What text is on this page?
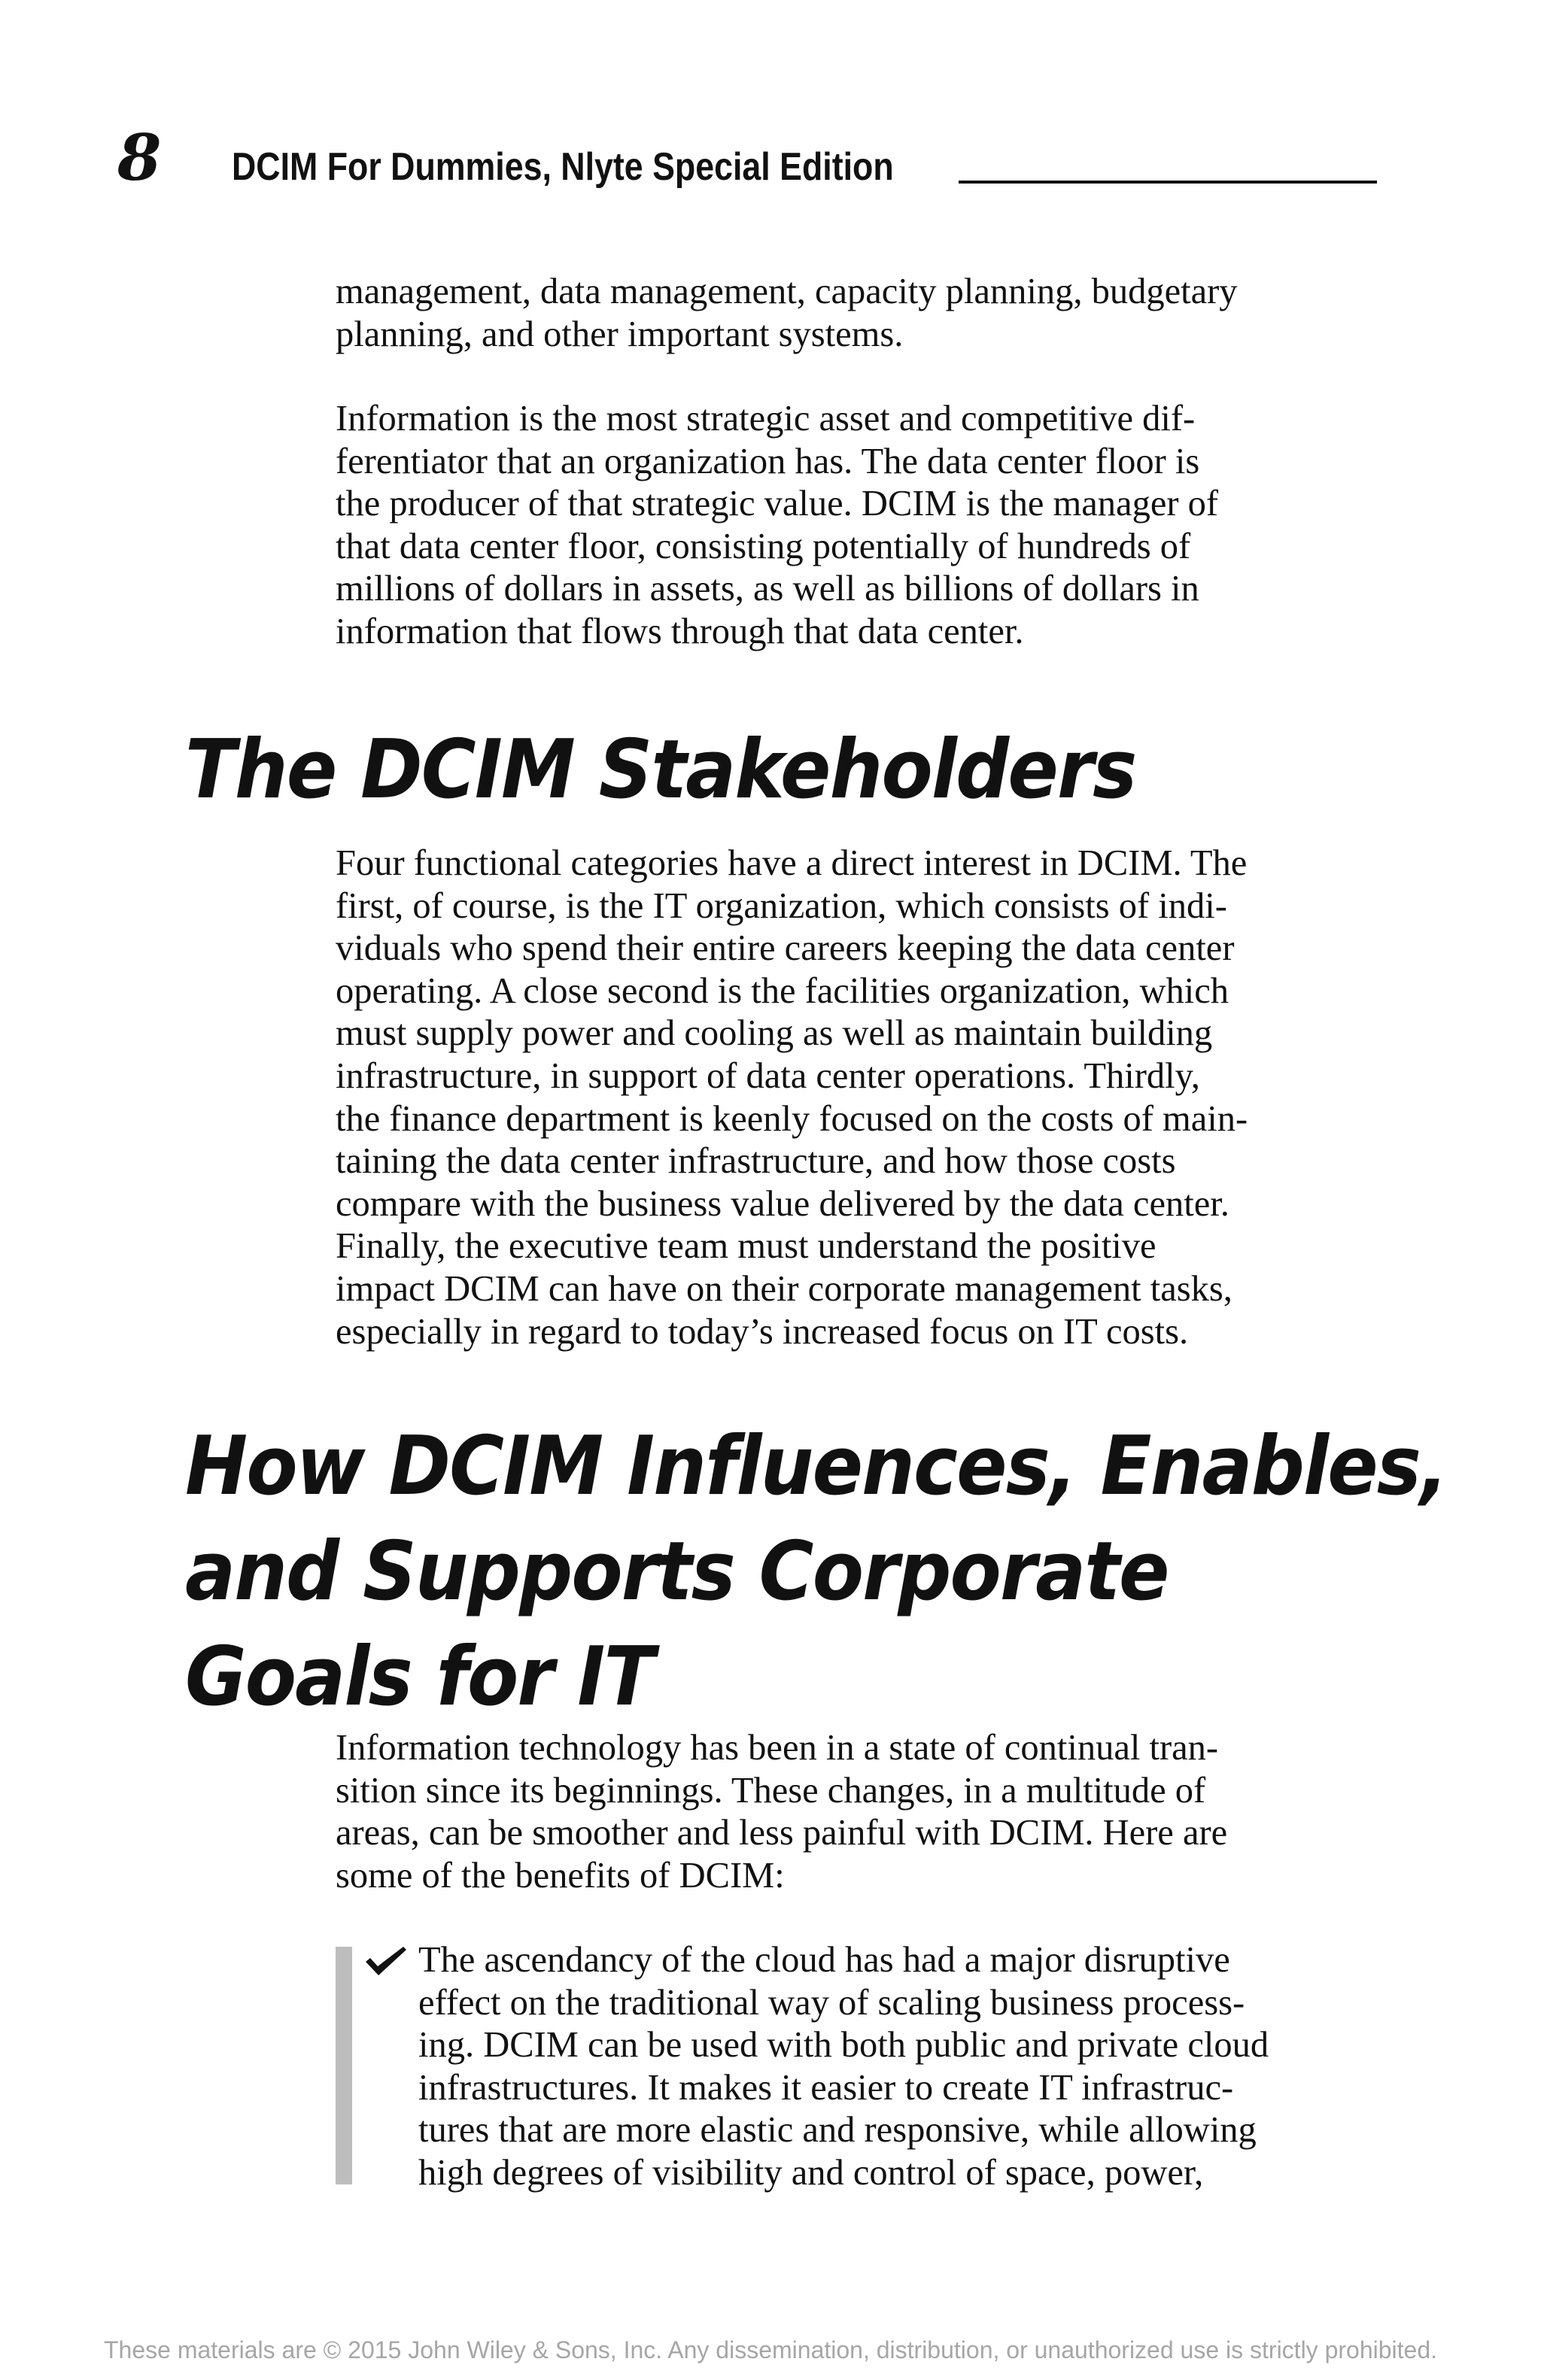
8 DCIM For Dummies, Nlyte Special Edition
management, data management, capacity planning, budgetary
planning, and other important systems.
Information is the most strategic asset and competitive dif-
ferentiator that an organization has. The data center floor is
the producer of that strategic value. DCIM is the manager of
that data center floor, consisting potentially of hundreds of
millions of dollars in assets, as well as billions of dollars in
information that flows through that data center.
The DCIM Stakeholders
Four functional categories have a direct interest in DCIM. The
first, of course, is the IT organization, which consists of indi-
viduals who spend their entire careers keeping the data center
operating. A close second is the facilities organization, which
must supply power and cooling as well as maintain building
infrastructure, in support of data center operations. Thirdly,
the finance department is keenly focused on the costs of main-
taining the data center infrastructure, and how those costs
compare with the business value delivered by the data center.
Finally, the executive team must understand the positive
impact DCIM can have on their corporate management tasks,
especially in regard to today’s increased focus on IT costs.
How DCIM Influences, Enables,
and Supports Corporate
Goals for IT
Information technology has been in a state of continual tran-
sition since its beginnings. These changes, in a multitude of
areas, can be smoother and less painful with DCIM. Here are
some of the benefits of DCIM:
The ascendancy of the cloud has had a major disruptive
effect on the traditional way of scaling business process-
ing. DCIM can be used with both public and private cloud
infrastructures. It makes it easier to create IT infrastruc-
tures that are more elastic and responsive, while allowing
high degrees of visibility and control of space, power,
These materials are © 2015 John Wiley & Sons, Inc. Any dissemination, distribution, or unauthorized use is strictly prohibited.
